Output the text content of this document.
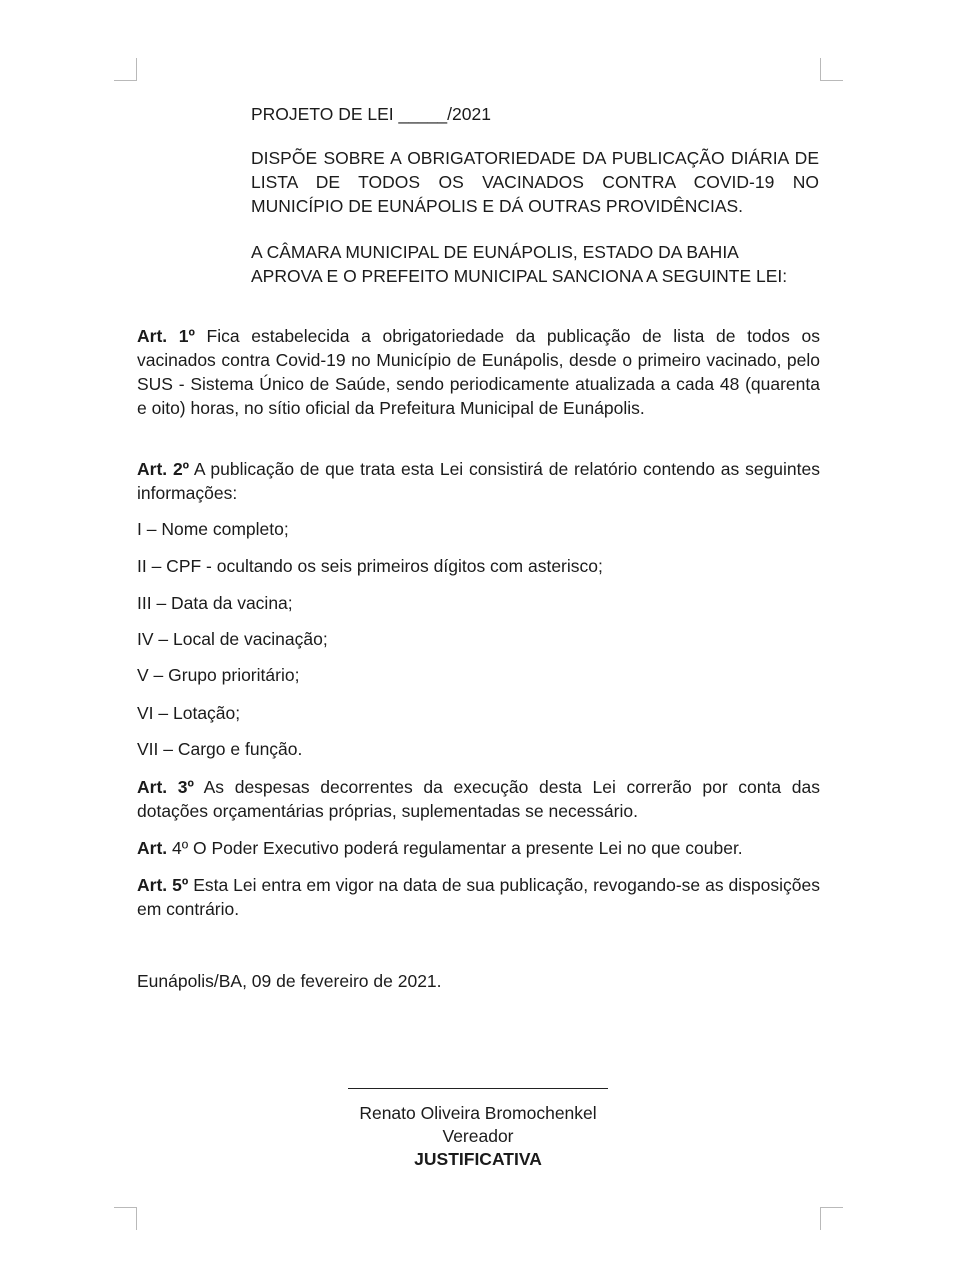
PROJETO DE LEI _____/2021
DISPÕE SOBRE A OBRIGATORIEDADE DA PUBLICAÇÃO DIÁRIA DE
LISTA DE TODOS OS VACINADOS CONTRA COVID-19 NO
MUNICÍPIO DE EUNÁPOLIS E DÁ OUTRAS PROVIDÊNCIAS.
A CÂMARA MUNICIPAL DE EUNÁPOLIS, ESTADO DA BAHIA
APROVA E O PREFEITO MUNICIPAL SANCIONA A SEGUINTE LEI:

Art. 1º Fica estabelecida a obrigatoriedade da publicação de lista de todos os vacinados contra Covid-19 no Município de Eunápolis, desde o primeiro vacinado, pelo SUS - Sistema Único de Saúde, sendo periodicamente atualizada a cada 48 (quarenta e oito) horas, no sítio oficial da Prefeitura Municipal de Eunápolis.

Art. 2º A publicação de que trata esta Lei consistirá de relatório contendo as seguintes informações:

I – Nome completo;
II – CPF - ocultando os seis primeiros dígitos com asterisco;
III – Data da vacina;
IV – Local de vacinação;
V – Grupo prioritário;
VI – Lotação;
VII – Cargo e função.

Art. 3º As despesas decorrentes da execução desta Lei correrão por conta das dotações orçamentárias próprias, suplementadas se necessário.

Art. 4º O Poder Executivo poderá regulamentar a presente Lei no que couber.

Art. 5º Esta Lei entra em vigor na data de sua publicação, revogando-se as disposições em contrário.

Eunápolis/BA, 09 de fevereiro de 2021.
Renato Oliveira Bromochenkel
Vereador
JUSTIFICATIVA
